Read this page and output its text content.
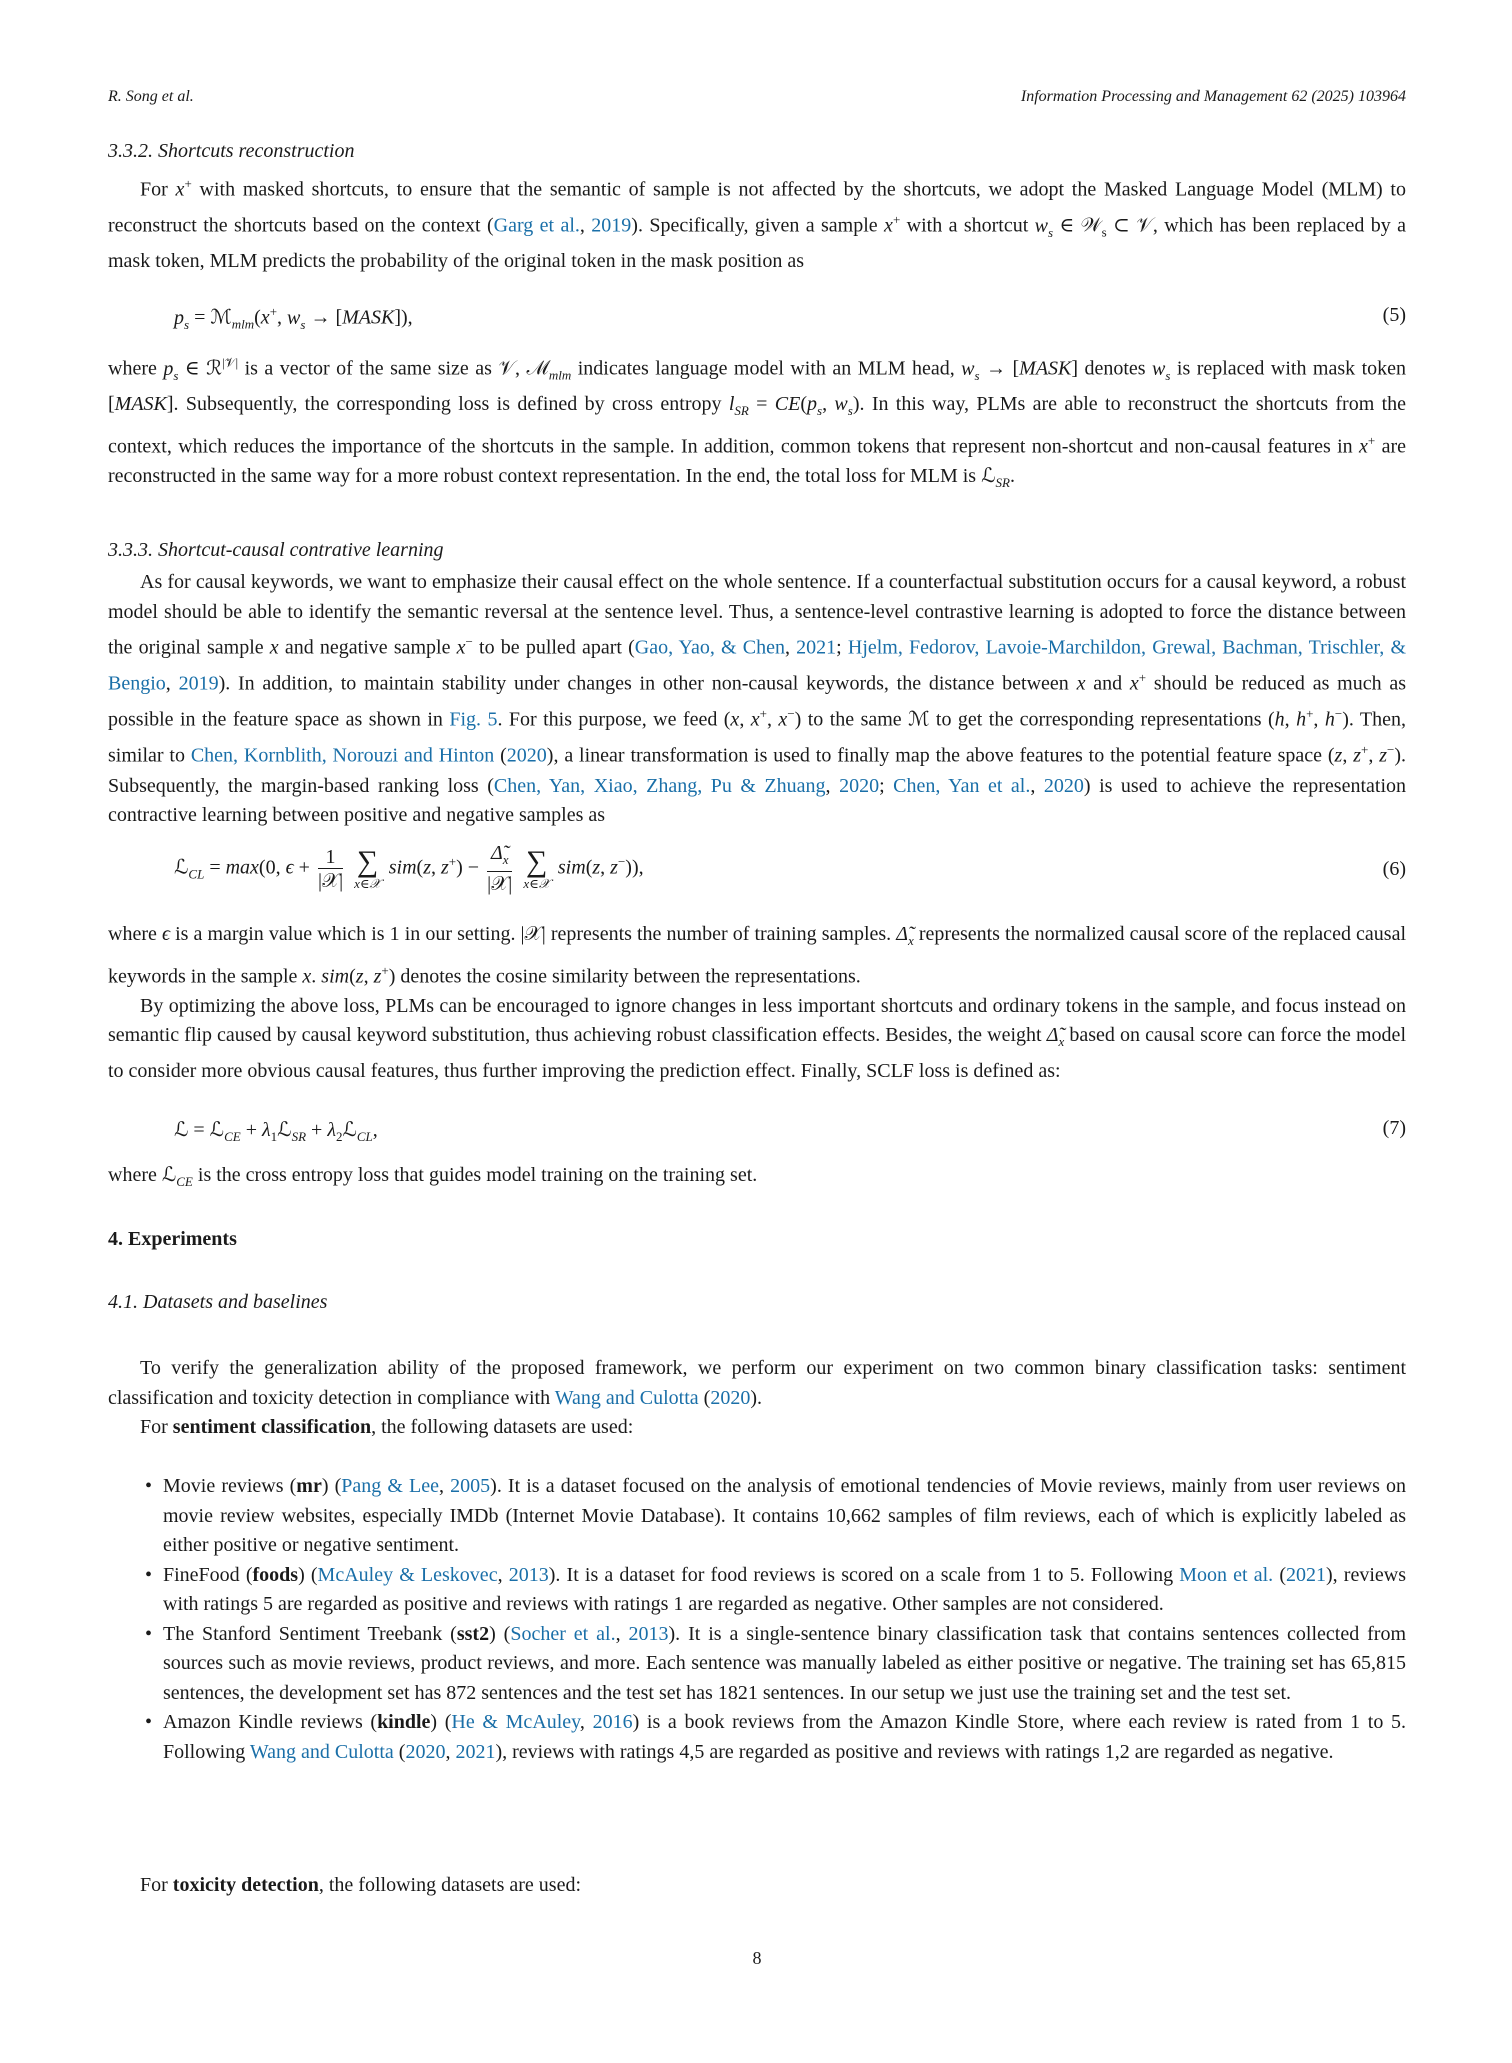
R. Song et al.	Information Processing and Management 62 (2025) 103964
3.3.2. Shortcuts reconstruction

For x+ with masked shortcuts, to ensure that the semantic of sample is not affected by the shortcuts, we adopt the Masked Language Model (MLM) to reconstruct the shortcuts based on the context (Garg et al., 2019). Specifically, given a sample x+ with a shortcut $w_s$ ∈ 𝒲$_s$ ⊂ 𝒱, which has been replaced by a mask token, MLM predicts the probability of the original token in the mask position as

$p_s$ = ℳ$_{mlm}$(x+, $w_s$ → [MASK]),	(5)

where $p_s$ ∈ ℛ$^{|𝒱|}$ is a vector of the same size as 𝒱, ℳ$_{mlm}$ indicates language model with an MLM head, $w_s$ → [MASK] denotes $w_s$ is replaced with mask token [MASK]. Subsequently, the corresponding loss is defined by cross entropy $l_{SR} = CE(p_s$, $w_s$). In this way, PLMs are able to reconstruct the shortcuts from the context, which reduces the importance of the shortcuts in the sample. In addition, common tokens that represent non-shortcut and non-causal features in x+ are reconstructed in the same way for a more robust context representation. In the end, the total loss for MLM is ℒ$_{SR}$.

3.3.3. Shortcut-causal contrative learning

As for causal keywords, we want to emphasize their causal effect on the whole sentence. If a counterfactual substitution occurs for a causal keyword, a robust model should be able to identify the semantic reversal at the sentence level. Thus, a sentence-level contrastive learning is adopted to force the distance between the original sample x and negative sample x− to be pulled apart (Gao, Yao, & Chen, 2021; Hjelm, Fedorov, Lavoie-Marchildon, Grewal, Bachman, Trischler, & Bengio, 2019). In addition, to maintain stability under changes in other non-causal keywords, the distance between x and x+ should be reduced as much as possible in the feature space as shown in Fig. 5. For this purpose, we feed (x, x+, x−) to the same ℳ to get the corresponding representations (h, h+, h−). Then, similar to Chen, Kornblith, Norouzi and Hinton (2020), a linear transformation is used to finally map the above features to the potential feature space (z, z+, z−). Subsequently, the margin-based ranking loss (Chen, Yan, Xiao, Zhang, Pu & Zhuang, 2020; Chen, Yan et al., 2020) is used to achieve the representation contractive learning between positive and negative samples as

ℒ$_{CL}$ = max(0, $\epsilon + \frac{1}{\text{|𝒳|}}$
∑
x∈𝒳
sim(z, $z^+) - \frac{\Deltã_x}{\text{|𝒳|}}$
∑
x∈𝒳
sim(z, z−)),	(6)

where ϵ is a margin value which is 1 in our setting. |𝒳| represents the number of training samples. $\Deltã_x$ represents the normalized causal score of the replaced causal keywords in the sample x. sim(z, z+) denotes the cosine similarity between the representations.

By optimizing the above loss, PLMs can be encouraged to ignore changes in less important shortcuts and ordinary tokens in the sample, and focus instead on semantic flip caused by causal keyword substitution, thus achieving robust classification effects. Besides, the weight $\Deltã_x$ based on causal score can force the model to consider more obvious causal features, thus further improving the prediction effect. Finally, SCLF loss is defined as:

ℒ = ℒ$_{CE}$ + $\lambda_1ℒ_{SR}$ + $\lambda_2ℒ_{CL}$,	(7)

where ℒ$_{CE}$ is the cross entropy loss that guides model training on the training set.

4. Experiments
4.1. Datasets and baselines

To verify the generalization ability of the proposed framework, we perform our experiment on two common binary classification tasks: sentiment classification and toxicity detection in compliance with Wang and Culotta (2020).

For sentiment classification, the following datasets are used:

• Movie reviews (mr) (Pang & Lee, 2005). It is a dataset focused on the analysis of emotional tendencies of Movie reviews, mainly from user reviews on movie review websites, especially IMDb (Internet Movie Database). It contains 10,662 samples of film reviews, each of which is explicitly labeled as either positive or negative sentiment.
• FineFood (foods) (McAuley & Leskovec, 2013). It is a dataset for food reviews is scored on a scale from 1 to 5. Following Moon et al. (2021), reviews with ratings 5 are regarded as positive and reviews with ratings 1 are regarded as negative. Other samples are not considered.
• The Stanford Sentiment Treebank (sst2) (Socher et al., 2013). It is a single-sentence binary classification task that contains sentences collected from sources such as movie reviews, product reviews, and more. Each sentence was manually labeled as either positive or negative. The training set has 65,815 sentences, the development set has 872 sentences and the test set has 1821 sentences. In our setup we just use the training set and the test set.
• Amazon Kindle reviews (kindle) (He & McAuley, 2016) is a book reviews from the Amazon Kindle Store, where each review is rated from 1 to 5. Following Wang and Culotta (2020, 2021), reviews with ratings 4,5 are regarded as positive and reviews with ratings 1,2 are regarded as negative.

For toxicity detection, the following datasets are used:

8
